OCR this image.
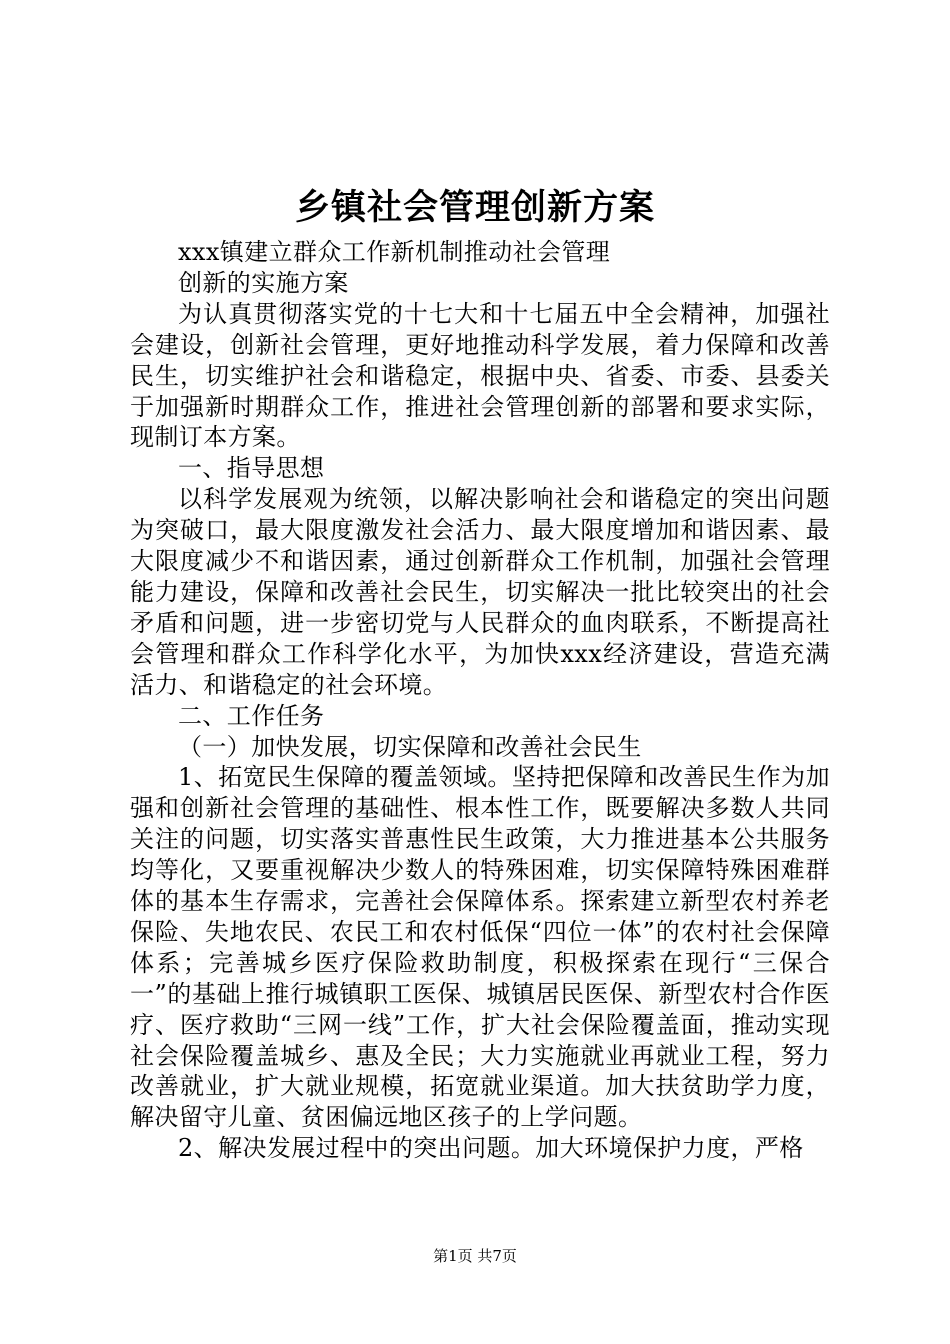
乡镇社会管理创新方案

xxx镇建立群众工作新机制推动社会管理

创新的实施方案

为认真贯彻落实党的十七大和十七届五中全会精神，加强社会建设，创新社会管理，更好地推动科学发展，着力保障和改善民生，切实维护社会和谐稳定，根据中央、省委、市委、县委关于加强新时期群众工作，推进社会管理创新的部署和要求实际，现制订本方案。

一、指导思想

以科学发展观为统领，以解决影响社会和谐稳定的突出问题为突破口，最大限度激发社会活力、最大限度增加和谐因素、最大限度减少不和谐因素，通过创新群众工作机制，加强社会管理能力建设，保障和改善社会民生，切实解决一批比较突出的社会矛盾和问题，进一步密切党与人民群众的血肉联系，不断提高社会管理和群众工作科学化水平，为加快xxx经济建设，营造充满活力、和谐稳定的社会环境。

二、工作任务

（一）加快发展，切实保障和改善社会民生

1、拓宽民生保障的覆盖领域。坚持把保障和改善民生作为加强和创新社会管理的基础性、根本性工作，既要解决多数人共同关注的问题，切实落实普惠性民生政策，大力推进基本公共服务均等化，又要重视解决少数人的特殊困难，切实保障特殊困难群体的基本生存需求，完善社会保障体系。探索建立新型农村养老保险、失地农民、农民工和农村低保“四位一体”的农村社会保障体系；完善城乡医疗保险救助制度，积极探索在现行“三保合一”的基础上推行城镇职工医保、城镇居民医保、新型农村合作医疗、医疗救助“三网一线”工作，扩大社会保险覆盖面，推动实现社会保险覆盖城乡、惠及全民；大力实施就业再就业工程，努力改善就业，扩大就业规模，拓宽就业渠道。加大扶贫助学力度，解决留守儿童、贫困偏远地区孩子的上学问题。

2、解决发展过程中的突出问题。加大环境保护力度，严格

第1页 共7页
